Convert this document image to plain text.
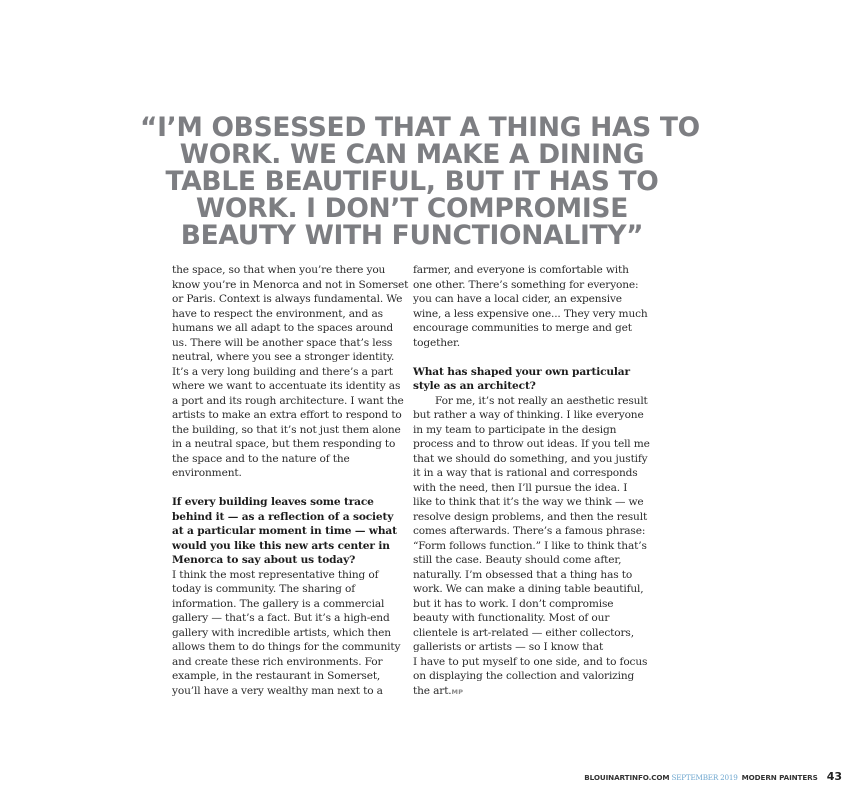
“I’M OBSESSED THAT A THING HAS TO
WORK. WE CAN MAKE A DINING
TABLE BEAUTIFUL, BUT IT HAS TO
WORK. I DON’T COMPROMISE
BEAUTY WITH FUNCTIONALITY”
the space, so that when you’re there you
know you’re in Menorca and not in Somerset
or Paris. Context is always fundamental. We
have to respect the environment, and as
humans we all adapt to the spaces around
us. There will be another space that’s less
neutral, where you see a stronger identity.
It’s a very long building and there’s a part
where we want to accentuate its identity as
a port and its rough architecture. I want the
artists to make an extra effort to respond to
the building, so that it’s not just them alone
in a neutral space, but them responding to
the space and to the nature of the
environment.
If every building leaves some trace
behind it — as a reflection of a society
at a particular moment in time — what
would you like this new arts center in
Menorca to say about us today?
I think the most representative thing of
today is community. The sharing of
information. The gallery is a commercial
gallery — that’s a fact. But it’s a high-end
gallery with incredible artists, which then
allows them to do things for the community
and create these rich environments. For
example, in the restaurant in Somerset,
you’ll have a very wealthy man next to a
farmer, and everyone is comfortable with
one other. There’s something for everyone:
you can have a local cider, an expensive
wine, a less expensive one... They very much
encourage communities to merge and get
together.
What has shaped your own particular
style as an architect?
For me, it’s not really an aesthetic result
but rather a way of thinking. I like everyone
in my team to participate in the design
process and to throw out ideas. If you tell me
that we should do something, and you justify
it in a way that is rational and corresponds
with the need, then I’ll pursue the idea. I
like to think that it’s the way we think — we
resolve design problems, and then the result
comes afterwards. There’s a famous phrase:
“Form follows function.” I like to think that’s
still the case. Beauty should come after,
naturally. I’m obsessed that a thing has to
work. We can make a dining table beautiful,
but it has to work. I don’t compromise
beauty with functionality. Most of our
clientele is art-related — either collectors,
gallerists or artists — so I know that
I have to put myself to one side, and to focus
on displaying the collection and valorizing
the art.MP
BLOUINARTINFO.COM SEPTEMBER 2019 MODERN PAINTERS 43
